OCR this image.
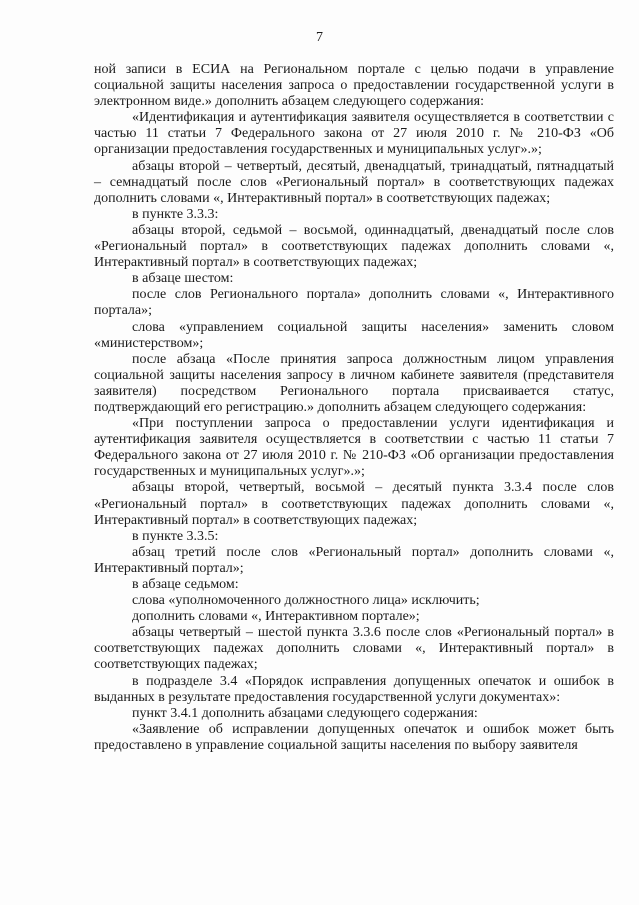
7

ной записи в ЕСИА на Региональном портале с целью подачи в управление социальной защиты населения запроса о предоставлении государственной услуги в электронном виде.» дополнить абзацем следующего содержания:

«Идентификация и аутентификация заявителя осуществляется в соответствии с частью 11 статьи 7 Федерального закона от 27 июля 2010 г. № 210-ФЗ «Об организации предоставления государственных и муниципальных услуг».»;

абзацы второй – четвертый, десятый, двенадцатый, тринадцатый, пятнадцатый – семнадцатый после слов «Региональный портал» в соответствующих падежах дополнить словами «, Интерактивный портал» в соответствующих падежах;

в пункте 3.3.3:

абзацы второй, седьмой – восьмой, одиннадцатый, двенадцатый после слов «Региональный портал» в соответствующих падежах дополнить словами «, Интерактивный портал» в соответствующих падежах;

в абзаце шестом:

после слов Регионального портала» дополнить словами «, Интерактивного портала»;

слова «управлением социальной защиты населения» заменить словом «министерством»;

после абзаца «После принятия запроса должностным лицом управления социальной защиты населения запросу в личном кабинете заявителя (представителя заявителя) посредством Регионального портала присваивается статус, подтверждающий его регистрацию.» дополнить абзацем следующего содержания:

«При поступлении запроса о предоставлении услуги идентификация и аутентификация заявителя осуществляется в соответствии с частью 11 статьи 7 Федерального закона от 27 июля 2010 г. № 210-ФЗ «Об организации предоставления государственных и муниципальных услуг».»;

абзацы второй, четвертый, восьмой – десятый пункта 3.3.4 после слов «Региональный портал» в соответствующих падежах дополнить словами «, Интерактивный портал» в соответствующих падежах;

в пункте 3.3.5:

абзац третий после слов «Региональный портал» дополнить словами «, Интерактивный портал»;

в абзаце седьмом:

слова «уполномоченного должностного лица» исключить;

дополнить словами «, Интерактивном портале»;

абзацы четвертый – шестой пункта 3.3.6 после слов «Региональный портал» в соответствующих падежах дополнить словами «, Интерактивный портал» в соответствующих падежах;

в подразделе 3.4 «Порядок исправления допущенных опечаток и ошибок в выданных в результате предоставления государственной услуги документах»:

пункт 3.4.1 дополнить абзацами следующего содержания:

«Заявление об исправлении допущенных опечаток и ошибок может быть предоставлено в управление социальной защиты населения по выбору заявителя
